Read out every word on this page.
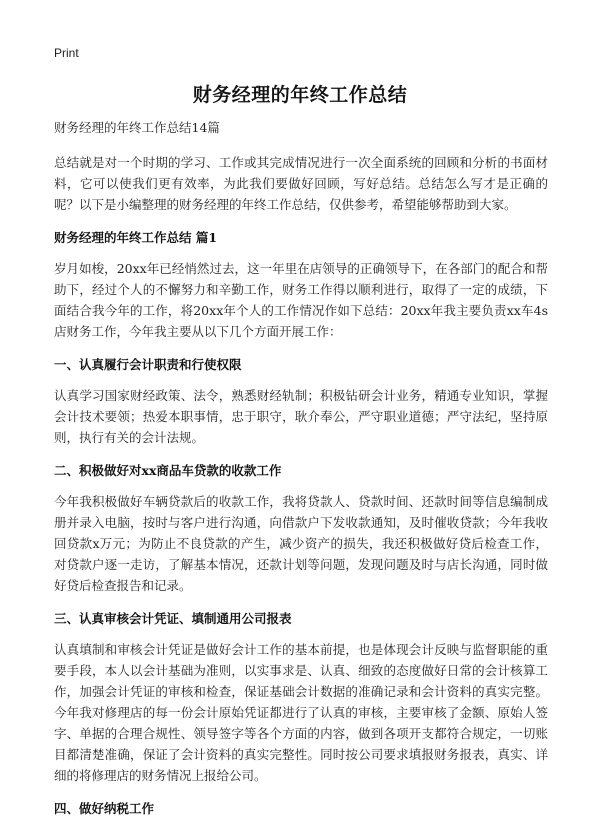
Print
财务经理的年终工作总结

财务经理的年终工作总结14篇

总结就是对一个时期的学习、工作或其完成情况进行一次全面系统的回顾和分析的书面材料，它可以使我们更有效率，为此我们要做好回顾，写好总结。总结怎么写才是正确的呢？以下是小编整理的财务经理的年终工作总结，仅供参考，希望能够帮助到大家。

财务经理的年终工作总结 篇1

岁月如梭，20xx年已经悄然过去，这一年里在店领导的正确领导下，在各部门的配合和帮助下，经过个人的不懈努力和辛勤工作，财务工作得以顺利进行，取得了一定的成绩，下面结合我今年的工作，将20xx年个人的工作情况作如下总结：20xx年我主要负责xx车4s店财务工作，今年我主要从以下几个方面开展工作：

一、认真履行会计职责和行使权限

认真学习国家财经政策、法令，熟悉财经轨制；积极钻研会计业务，精通专业知识，掌握会计技术要领；热爱本职事情，忠于职守，耿介奉公，严守职业道德；严守法纪，坚持原则，执行有关的会计法规。

二、积极做好对xx商品车贷款的收款工作

今年我积极做好车辆贷款后的收款工作，我将贷款人、贷款时间、还款时间等信息编制成册并录入电脑，按时与客户进行沟通，向借款户下发收款通知，及时催收贷款；今年我收回贷款x万元；为防止不良贷款的产生，减少资产的损失，我还积极做好贷后检查工作，对贷款户逐一走访，了解基本情况，还款计划等问题，发现问题及时与店长沟通，同时做好贷后检查报告和记录。

三、认真审核会计凭证、填制通用公司报表

认真填制和审核会计凭证是做好会计工作的基本前提，也是体现会计反映与监督职能的重要手段，本人以会计基础为准则，以实事求是、认真、细致的态度做好日常的会计核算工作，加强会计凭证的审核和检查，保证基础会计数据的准确记录和会计资料的真实完整。今年我对修理店的每一份会计原始凭证都进行了认真的审核，主要审核了金额、原始人签字、单据的合理合规性、领导签字等各个方面的内容，做到各项开支都符合规定，一切账目都清楚准确，保证了会计资料的真实完整性。同时按公司要求填报财务报表，真实、详细的将修理店的财务情况上报给公司。

四、做好纳税工作
